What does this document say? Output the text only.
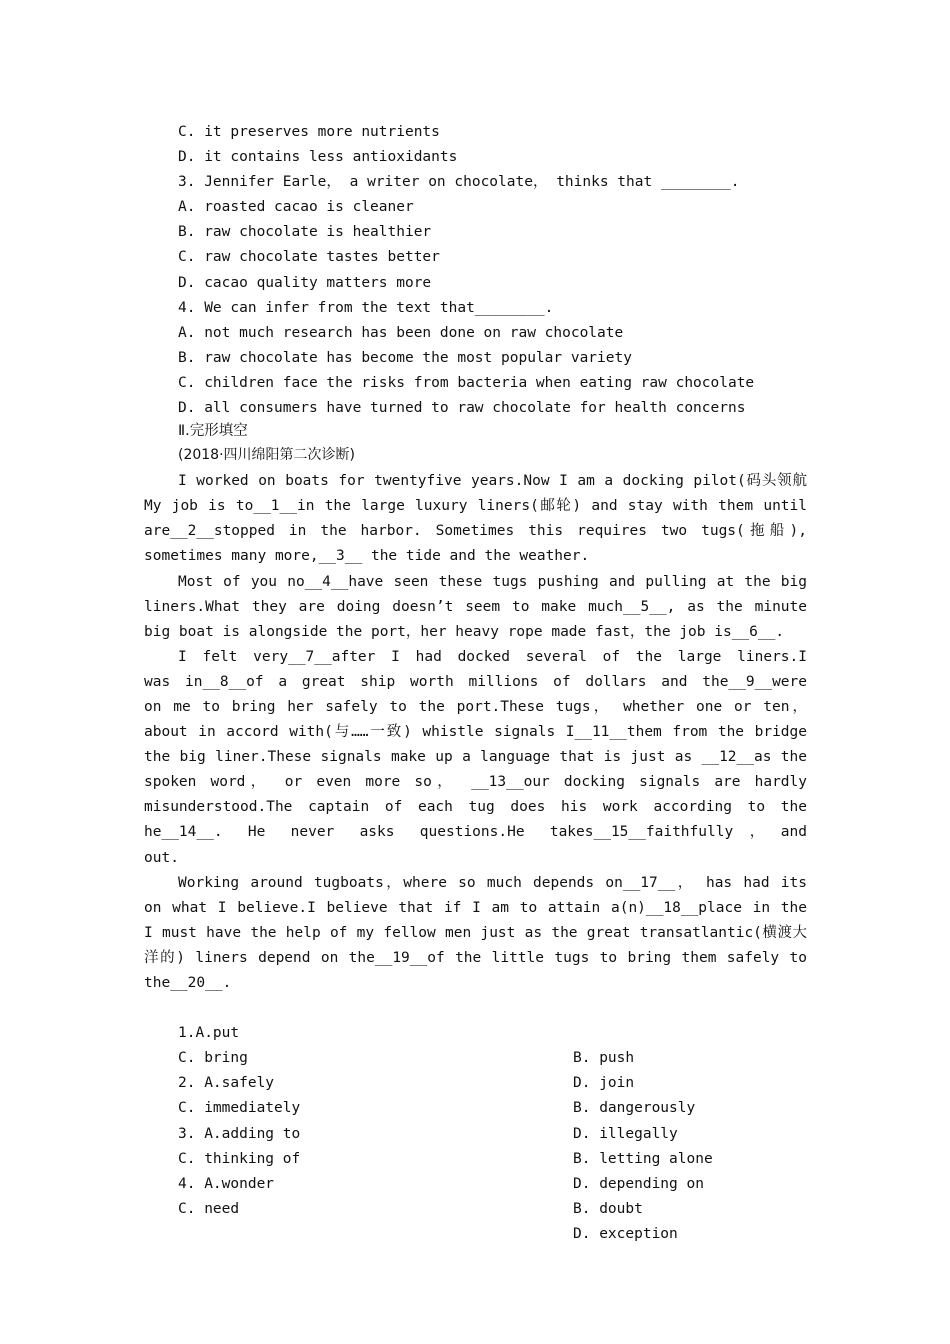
C. it preserves more nutrients
D. it contains less antioxidants
3. Jennifer Earle， a writer on chocolate， thinks that ________.
A. roasted cacao is cleaner
B. raw chocolate is healthier
C. raw chocolate tastes better
D. cacao quality matters more
4. We can infer from the text that________.
A. not much research has been done on raw chocolate
B. raw chocolate has become the most popular variety
C. children face the risks from bacteria when eating raw chocolate
D. all consumers have turned to raw chocolate for health concerns
Ⅱ.完形填空
(2018·四川绵阳第二次诊断)
I worked on boats for twentyfive years.Now I am a docking pilot(码头领航
My job is to__1__in the large luxury liners(邮轮) and stay with them until
are__2__stopped in the harbor. Sometimes this requires two tugs(拖船),
sometimes many more,__3__ the tide and the weather.
Most of you no__4__have seen these tugs pushing and pulling at the big
liners.What they are doing doesn’t seem to make much__5__, as the minute
big boat is alongside the port，her heavy rope made fast，the job is__6__.
I felt very__7__after I had docked several of the large liners.I
was in__8__of a great ship worth millions of dollars and the__9__were
on me to bring her safely to the port.These tugs， whether one or ten，
about in accord with(与……一致) whistle signals I__11__them from the bridge
the big liner.These signals make up a language that is just as __12__as the
spoken word， or even more so， __13__our docking signals are hardly
misunderstood.The captain of each tug does his work according to the
he__14__. He never asks questions.He takes__15__faithfully，and
out.
Working around tugboats，where so much depends on__17__， has had its
on what I believe.I believe that if I am to attain a(n)__18__place in the
I must have the help of my fellow men just as the great transatlantic(横渡大
洋的) liners depend on the__19__of the little tugs to bring them safely to
the__20__.

1.A.put

B. push

C. bring

D. join

2. A.safely

B. dangerously

C. immediately

D. illegally

3. A.adding to

B. letting alone

C. thinking of

D. depending on

4. A.wonder

B. doubt

C. need

D. exception
